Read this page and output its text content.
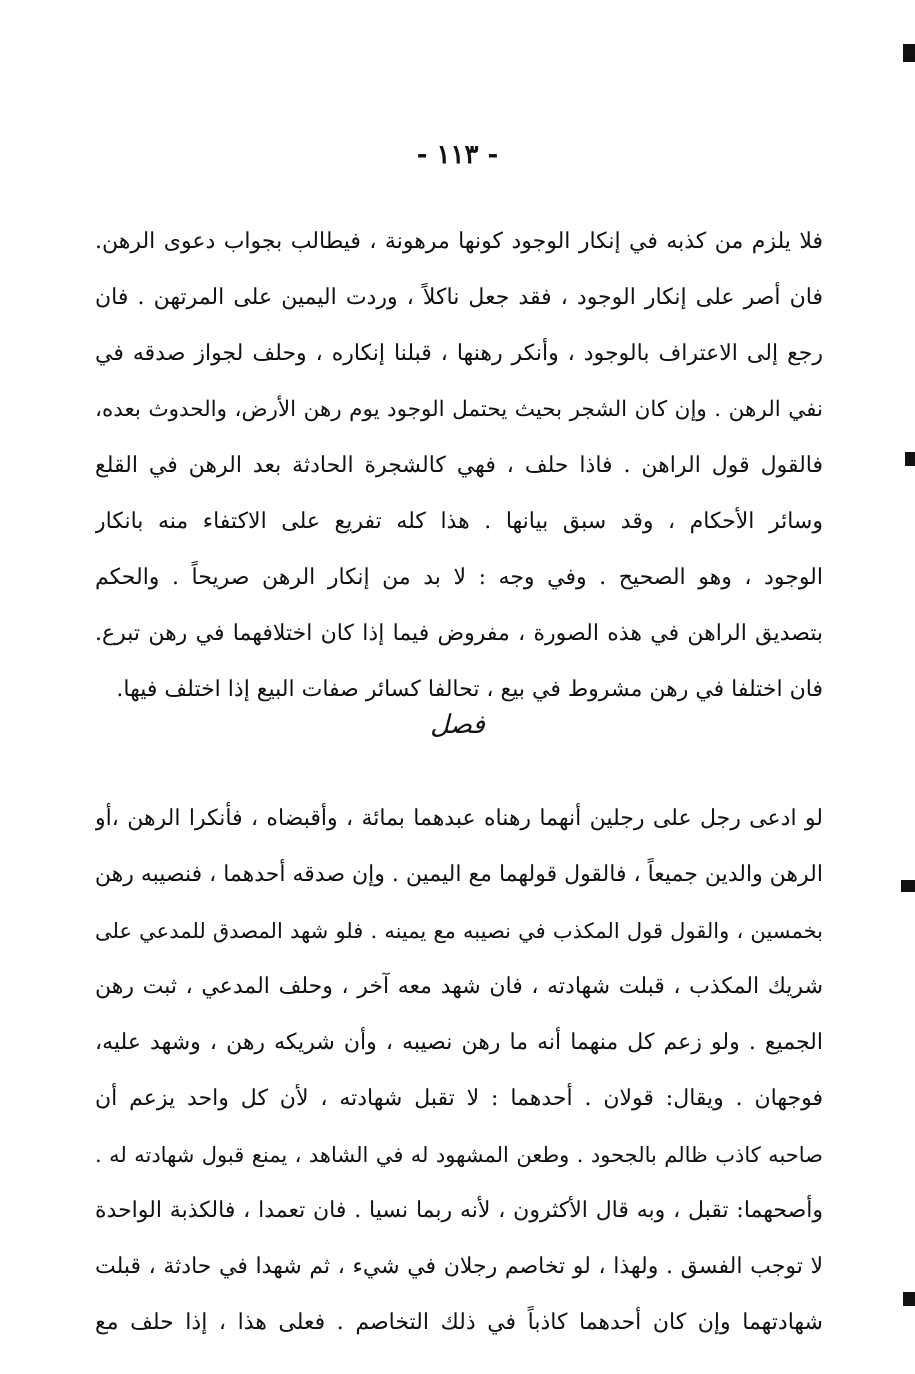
- ١١٣ -
فلا يلزم من كذبه في إنكار الوجود كونها مرهونة ، فيطالب بجواب دعوى الرهن.
فان أصر على إنكار الوجود ، فقد جعل ناكلاً ، وردت اليمين على المرتهن . فان
رجع إلى الاعتراف بالوجود ، وأنكر رهنها ، قبلنا إنكاره ، وحلف لجواز صدقه في
نفي الرهن . وإن كان الشجر بحيث يحتمل الوجود يوم رهن الأرض، والحدوث بعده،
فالقول قول الراهن . فاذا حلف ، فهي كالشجرة الحادثة بعد الرهن في القلع
وسائر الأحكام ، وقد سبق بيانها . هذا كله تفريع على الاكتفاء منه بانكار
الوجود ، وهو الصحيح . وفي وجه : لا بد من إنكار الرهن صريحاً . والحكم
بتصديق الراهن في هذه الصورة ، مفروض فيما إذا كان اختلافهما في رهن تبرع.
فان اختلفا في رهن مشروط في بيع ، تحالفا كسائر صفات البيع إذا اختلف فيها.
فصل
لو ادعى رجل على رجلين أنهما رهناه عبدهما بمائة ، وأقبضاه ، فأنكرا الرهن ،أو
الرهن والدين جميعاً ، فالقول قولهما مع اليمين . وإن صدقه أحدهما ، فنصيبه رهن
بخمسين ، والقول قول المكذب في نصيبه مع يمينه . فلو شهد المصدق للمدعي على
شريك المكذب ، قبلت شهادته ، فان شهد معه آخر ، وحلف المدعي ، ثبت رهن
الجميع . ولو زعم كل منهما أنه ما رهن نصيبه ، وأن شريكه رهن ، وشهد عليه،
فوجهان . ويقال: قولان . أحدهما : لا تقبل شهادته ، لأن كل واحد يزعم أن
صاحبه كاذب ظالم بالجحود . وطعن المشهود له في الشاهد ، يمنع قبول شهادته له .
وأصحهما: تقبل ، وبه قال الأكثرون ، لأنه ربما نسيا . فان تعمدا ، فالكذبة الواحدة
لا توجب الفسق . ولهذا ، لو تخاصم رجلان في شيء ، ثم شهدا في حادثة ، قبلت
شهادتهما وإن كان أحدهما كاذباً في ذلك التخاصم . فعلى هذا ، إذا حلف مع
